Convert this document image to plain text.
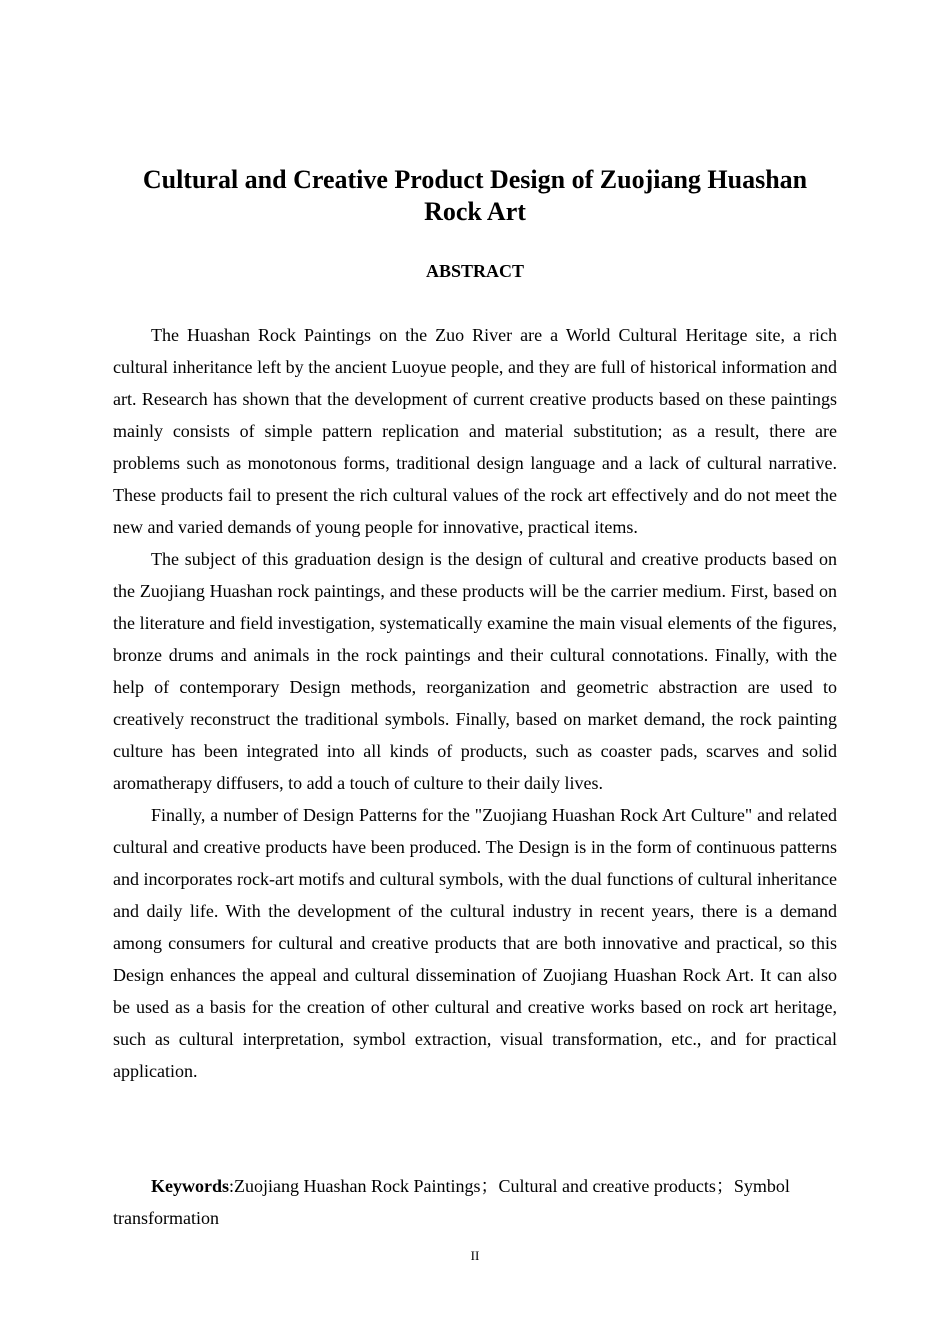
Cultural and Creative Product Design of Zuojiang Huashan Rock Art
ABSTRACT

The Huashan Rock Paintings on the Zuo River are a World Cultural Heritage site, a rich cultural inheritance left by the ancient Luoyue people, and they are full of historical information and art. Research has shown that the development of current creative products based on these paintings mainly consists of simple pattern replication and material substitution; as a result, there are problems such as monotonous forms, traditional design language and a lack of cultural narrative. These products fail to present the rich cultural values of the rock art effectively and do not meet the new and varied demands of young people for innovative, practical items.

The subject of this graduation design is the design of cultural and creative products based on the Zuojiang Huashan rock paintings, and these products will be the carrier medium. First, based on the literature and field investigation, systematically examine the main visual elements of the figures, bronze drums and animals in the rock paintings and their cultural connotations. Finally, with the help of contemporary Design methods, reorganization and geometric abstraction are used to creatively reconstruct the traditional symbols. Finally, based on market demand, the rock painting culture has been integrated into all kinds of products, such as coaster pads, scarves and solid aromatherapy diffusers, to add a touch of culture to their daily lives.

Finally, a number of Design Patterns for the "Zuojiang Huashan Rock Art Culture" and related cultural and creative products have been produced. The Design is in the form of continuous patterns and incorporates rock-art motifs and cultural symbols, with the dual functions of cultural inheritance and daily life. With the development of the cultural industry in recent years, there is a demand among consumers for cultural and creative products that are both innovative and practical, so this Design enhances the appeal and cultural dissemination of Zuojiang Huashan Rock Art. It can also be used as a basis for the creation of other cultural and creative works based on rock art heritage, such as cultural interpretation, symbol extraction, visual transformation, etc., and for practical application.

Keywords:Zuojiang Huashan Rock Paintings；Cultural and creative products；Symbol transformation

II
